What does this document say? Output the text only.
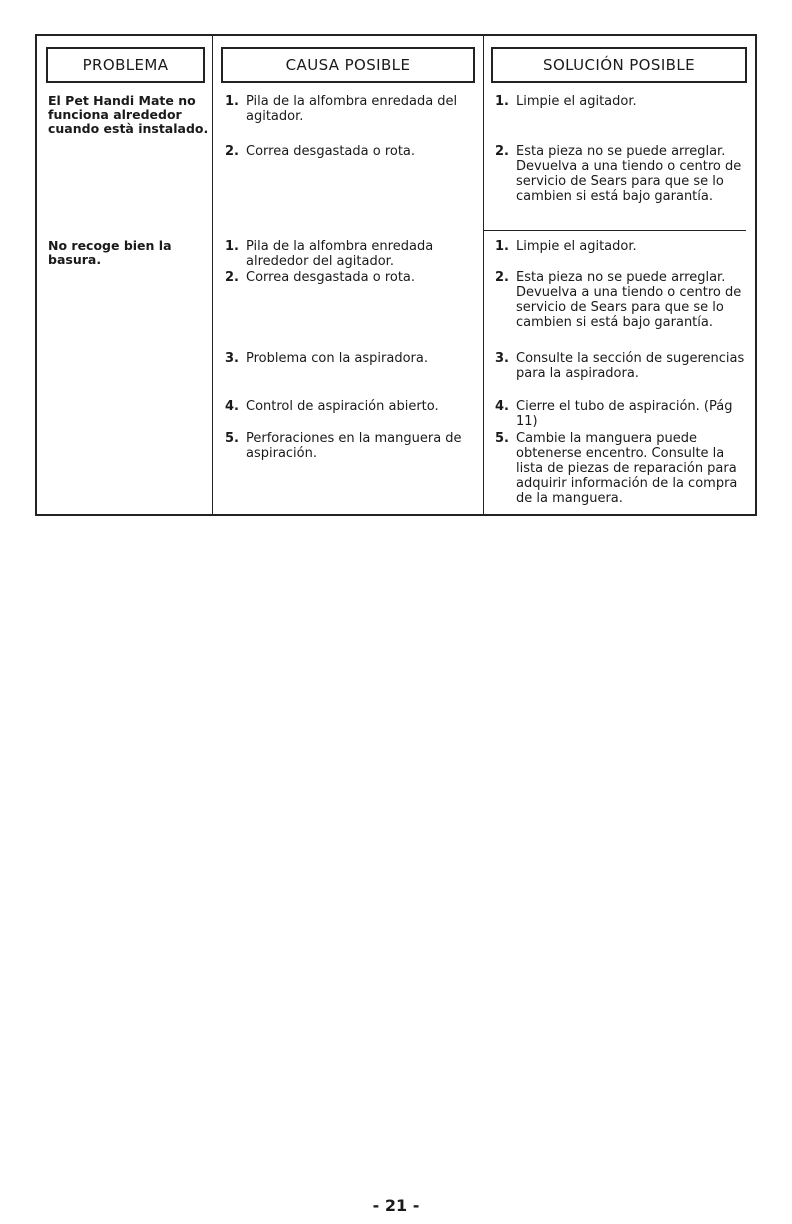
PROBLEMA	CAUSA POSIBLE	SOLUCIÓN POSIBLE
El Pet Handi Mate no funciona alrededor cuando està instalado.
1. Pila de la alfombra enredada del agitador.
2. Correa desgastada o rota.
1. Limpie el agitador.
2. Esta pieza no se puede arreglar. Devuelva a una tiendo o centro de servicio de Sears para que se lo cambien si está bajo garantía.
No recoge bien la basura.
1. Pila de la alfombra enredada alrededor del agitador.
2. Correa desgastada o rota.
3. Problema con la aspiradora.
4. Control de aspiración abierto.
5. Perforaciones en la manguera de aspiración.
1. Limpie el agitador.
2. Esta pieza no se puede arreglar. Devuelva a una tiendo o centro de servicio de Sears para que se lo cambien si está bajo garantía.
3. Consulte la sección de sugerencias para la aspiradora.
4. Cierre el tubo de aspiración. (Pág 11)
5. Cambie la manguera puede obtenerse encentro. Consulte la lista de piezas de reparación para adquirir información de la compra de la manguera.
- 21 -
